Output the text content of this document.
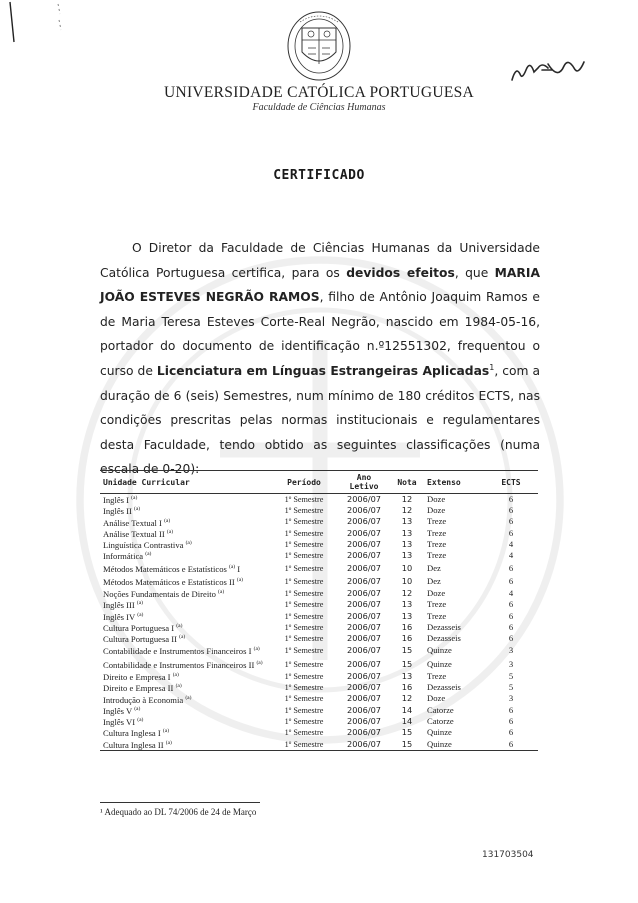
UNIVERSIDADE CATÓLICA PORTUGUESA
Faculdade de Ciências Humanas
CERTIFICADO

O Diretor da Faculdade de Ciências Humanas da Universidade Católica Portuguesa certifica, para os devidos efeitos, que MARIA JOÃO ESTEVES NEGRÃO RAMOS, filho de Antônio Joaquim Ramos e de Maria Teresa Esteves Corte-Real Negrão, nascido em 1984-05-16, portador do documento de identificação n.º12551302, frequentou o curso de Licenciatura em Línguas Estrangeiras Aplicadas$^1$, com a duração de 6 (seis) Semestres, num mínimo de 180 créditos ECTS, nas condições prescritas pelas normas institucionais e regulamentares desta Faculdade, tendo obtido as seguintes classificações (numa escala de 0-20):

Unidade Curricular	Período	Ano Letivo	Nota	Extenso	ECTS
Inglês I $^{(a)}$	1º Semestre	2006/07	12	Doze	6
Inglês II $^{(a)}$	1º Semestre	2006/07	12	Doze	6
Análise Textual I $^{(a)}$	1º Semestre	2006/07	13	Treze	6
Análise Textual II $^{(a)}$	1º Semestre	2006/07	13	Treze	6
Linguística Contrastiva $^{(a)}$	1º Semestre	2006/07	13	Treze	4
Informática $^{(a)}$	1º Semestre	2006/07	13	Treze	4
Métodos Matemáticos e Estatísticos $^{(a)}$ I	1º Semestre	2006/07	10	Dez	6
Métodos Matemáticos e Estatísticos II $^{(a)}$	1º Semestre	2006/07	10	Dez	6
Noções Fundamentais de Direito $^{(a)}$	1º Semestre	2006/07	12	Doze	4
Inglês III $^{(a)}$	1º Semestre	2006/07	13	Treze	6
Inglês IV $^{(a)}$	1º Semestre	2006/07	13	Treze	6
Cultura Portuguesa I $^{(a)}$	1º Semestre	2006/07	16	Dezasseis	6
Cultura Portuguesa II $^{(a)}$	1º Semestre	2006/07	16	Dezasseis	6
Contabilidade e Instrumentos Financeiros I $^{(a)}$	1º Semestre	2006/07	15	Quinze	3
Contabilidade e Instrumentos Financeiros II $^{(a)}$	1º Semestre	2006/07	15	Quinze	3
Direito e Empresa I $^{(a)}$	1º Semestre	2006/07	13	Treze	5
Direito e Empresa II $^{(a)}$	1º Semestre	2006/07	16	Dezasseis	5
Introdução à Economia $^{(a)}$	1º Semestre	2006/07	12	Doze	3
Inglês V $^{(a)}$	1º Semestre	2006/07	14	Catorze	6
Inglês VI $^{(a)}$	1º Semestre	2006/07	14	Catorze	6
Cultura Inglesa I $^{(a)}$	1º Semestre	2006/07	15	Quinze	6
Cultura Inglesa II $^{(a)}$	1º Semestre	2006/07	15	Quinze	6
¹ Adequado ao DL 74/2006 de 24 de Março
131703504
